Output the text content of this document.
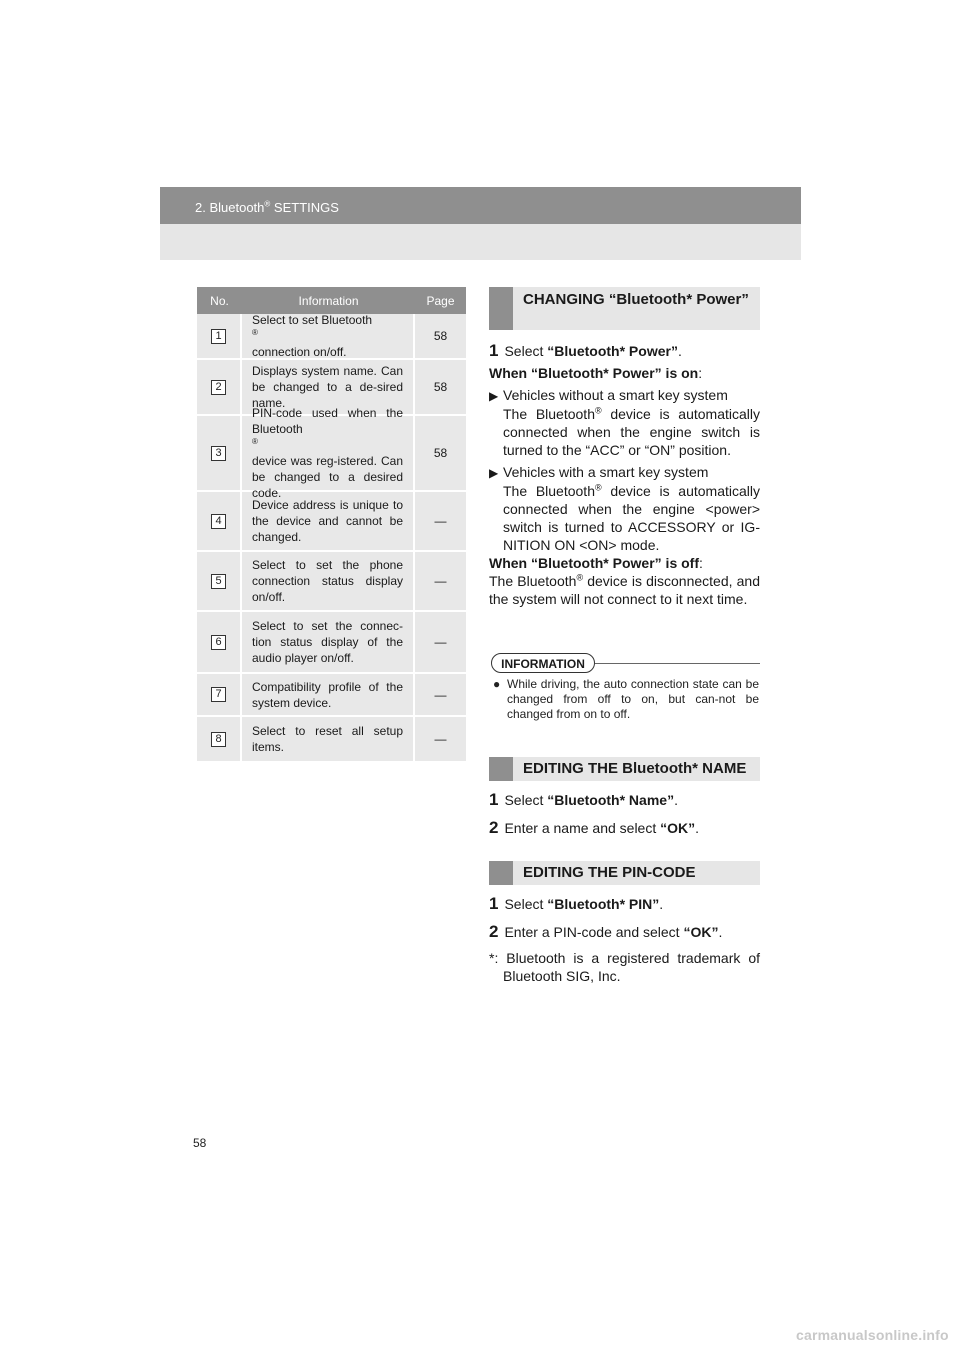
2. Bluetooth® SETTINGS
No.	Information	Page
1
Select to set Bluetooth
®
connection on/off.
58
2
Displays system name. Can be changed to a de-sired name.
58
3
PIN-code used when the Bluetooth
®
device was reg-istered. Can be changed to a desired code.
58
4
Device address is unique to the device and cannot be changed.
—
5
Select to set the phone connection status display on/off.
—
6
Select to set the connec-tion status display of the audio player on/off.
—
7
Compatibility profile of the system device.
—
8
Select to reset all setup items.
—
CHANGING “Bluetooth* Power”

1 Select “Bluetooth* Power”.

When “Bluetooth* Power” is on:

▶ Vehicles without a smart key system
The Bluetooth® device is automatically connected when the engine switch is turned to the “ACC” or “ON” position.

▶ Vehicles with a smart key system
The Bluetooth® device is automatically connected when the engine <power> switch is turned to ACCESSORY or IG-NITION ON <ON> mode.

When “Bluetooth* Power” is off:

The Bluetooth® device is disconnected, and the system will not connect to it next time.

INFORMATION

● While driving, the auto connection state can be changed from off to on, but can-not be changed from on to off.

EDITING THE Bluetooth* NAME

1 Select “Bluetooth* Name”.

2 Enter a name and select “OK”.

EDITING THE PIN-CODE

1 Select “Bluetooth* PIN”.

2 Enter a PIN-code and select “OK”.

*: Bluetooth is a registered trademark of Bluetooth SIG, Inc.

58
carmanualsonline.info
